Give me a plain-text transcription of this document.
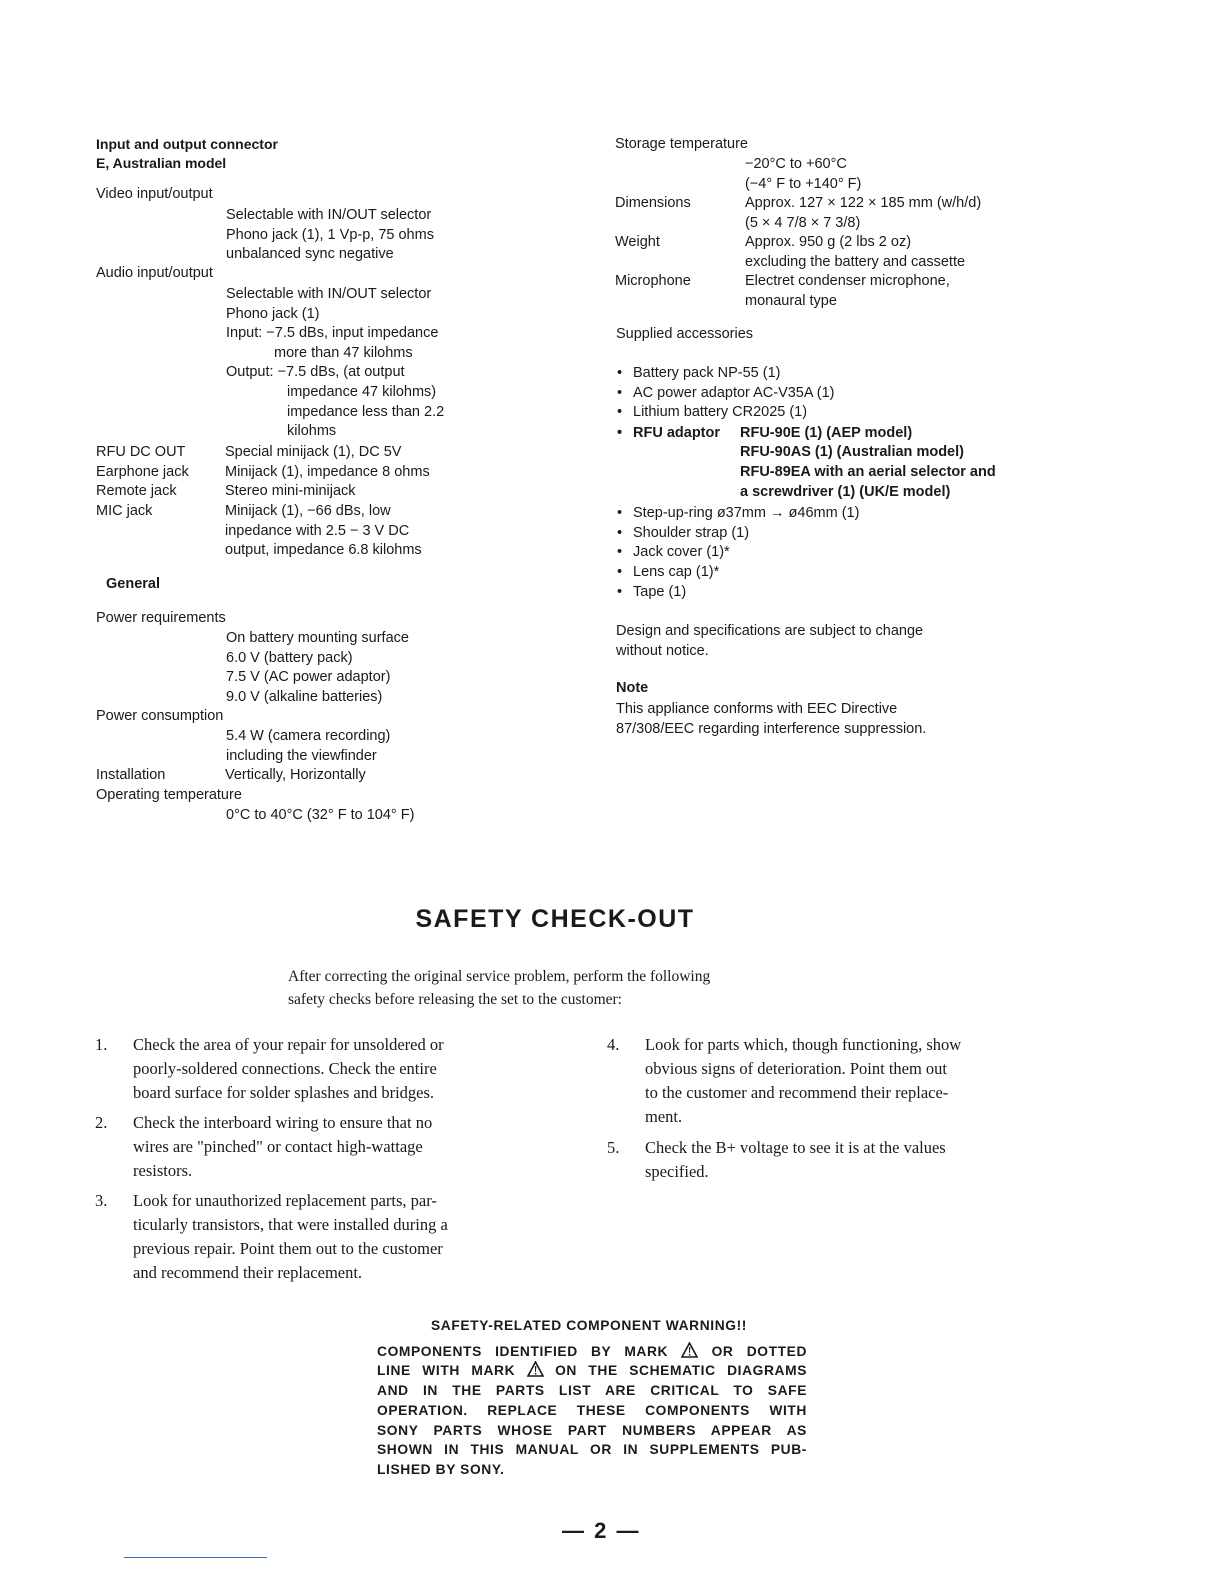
Input and output connector
E, Australian model
Video input/output
Selectable with IN/OUT selector
Phono jack (1), 1 Vp-p, 75 ohms
unbalanced sync negative
Audio input/output
Selectable with IN/OUT selector
Phono jack (1)
Input: −7.5 dBs, input impedance
more than 47 kilohms
Output: −7.5 dBs, (at output
impedance 47 kilohms)
impedance less than 2.2
kilohms
RFU DC OUT	Special minijack (1), DC 5V
Earphone jack	Minijack (1), impedance 8 ohms
Remote jack	Stereo mini-minijack
MIC jack	Minijack (1), −66 dBs, low
inpedance with 2.5 − 3 V DC
output, impedance 6.8 kilohms
General
Power requirements
On battery mounting surface
6.0 V (battery pack)
7.5 V (AC power adaptor)
9.0 V (alkaline batteries)
Power consumption
5.4 W (camera recording)
including the viewfinder
Installation	Vertically, Horizontally
Operating temperature
0°C to 40°C (32° F to 104° F)
Storage temperature
−20°C to +60°C
(−4° F to +140° F)
Dimensions	Approx. 127 × 122 × 185 mm (w/h/d)
(5 × 4 7/8 × 7 3/8)
Weight	Approx. 950 g (2 lbs 2 oz)
excluding the battery and cassette
Microphone	Electret condenser microphone,
monaural type
Supplied accessories
• Battery pack NP-55 (1)
• AC power adaptor AC-V35A (1)
• Lithium battery CR2025 (1)
• RFU adaptor RFU-90E (1) (AEP model)
RFU-90AS (1) (Australian model)
RFU-89EA with an aerial selector and
a screwdriver (1) (UK/E model)
• Step-up-ring ø37mm → ø46mm (1)
• Shoulder strap (1)
• Jack cover (1)*
• Lens cap (1)*
• Tape (1)
Design and specifications are subject to change
without notice.
Note
This appliance conforms with EEC Directive
87/308/EEC regarding interference suppression.
SAFETY CHECK-OUT
After correcting the original service problem, perform the following
safety checks before releasing the set to the customer:
1. Check the area of your repair for unsoldered or
poorly-soldered connections. Check the entire
board surface for solder splashes and bridges.
2. Check the interboard wiring to ensure that no
wires are "pinched" or contact high-wattage
resistors.
3. Look for unauthorized replacement parts, par-
ticularly transistors, that were installed during a
previous repair. Point them out to the customer
and recommend their replacement.
4. Look for parts which, though functioning, show
obvious signs of deterioration. Point them out
to the customer and recommend their replace-
ment.
5. Check the B+ voltage to see it is at the values
specified.
SAFETY-RELATED COMPONENT WARNING!!
COMPONENTS IDENTIFIED BY MARK	OR DOTTED
LINE WITH MARK	ON THE SCHEMATIC DIAGRAMS
AND IN THE PARTS LIST ARE CRITICAL TO SAFE
OPERATION. REPLACE THESE COMPONENTS WITH
SONY PARTS WHOSE PART NUMBERS APPEAR AS
SHOWN IN THIS MANUAL OR IN SUPPLEMENTS PUB-
LISHED BY SONY.
— 2 —
